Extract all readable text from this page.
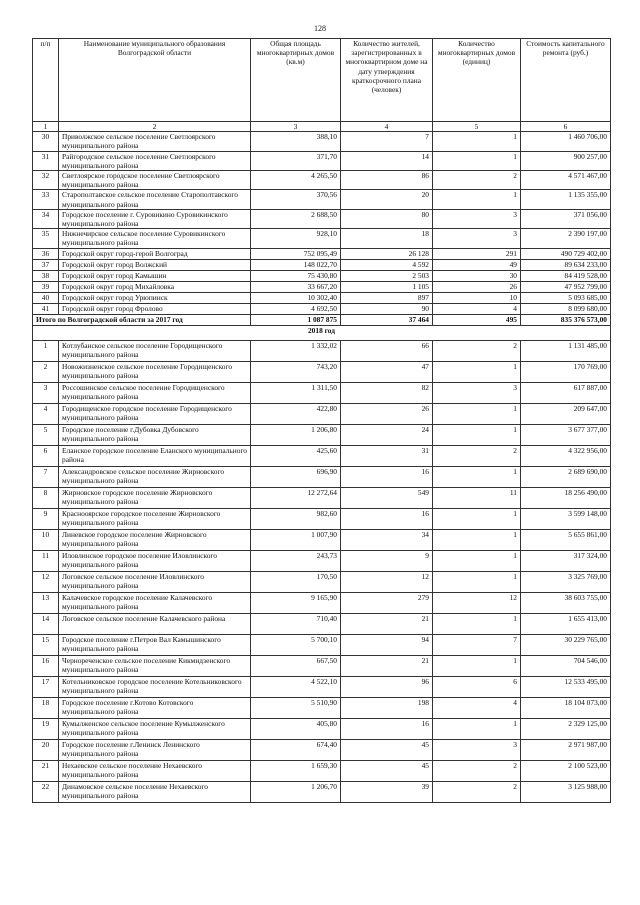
128
п/п	Наименование муниципального образования Волгоградской области	Общая площадь многоквартирных домов (кв.м)	Количество жителей, зарегистрированных в многоквартирном доме на дату утверждения краткосрочного плана (человек)	Количество многоквартирных домов (единиц)	Стоимость капитального ремонта (руб.)
1	2	3	4	5	6
30	Приволжское сельское поселение Светлоярского муниципального района	388,10	7	1	1 460 706,00
31	Райгородское сельское поселение Светлоярского муниципального района	371,70	14	1	900 257,00
32	Светлоярское городское поселение Светлоярского муниципального района	4 265,50	86	2	4 571 467,00
33	Старополтавское сельское поселение Старополтавского муниципального района	370,56	20	1	1 135 355,00
34	Городское поселение г. Суровикино Суровикинского муниципального района	2 688,50	80	3	371 056,00
35	Нижнечирское сельское поселение Суровикинского муниципального района	928,10	18	3	2 390 197,00
36	Городской округ город-герой Волгоград	752 095,49	26 128	291	490 729 402,00
37	Городской округ город Волжский	148 022,70	4 592	49	89 634 233,00
38	Городской округ город Камышин	75 430,80	2 503	30	84 419 528,00
39	Городской округ город Михайловка	33 667,20	1 105	26	47 952 799,00
40	Городской округ город Урюпинск	10 302,40	897	10	5 093 685,00
41	Городской округ город Фролово	4 692,50	90	4	8 099 680,00
Итого по Волгоградской области за 2017 год		1 087 875	37 464	495	835 376 573,00
2018 год					
1	Котлубанское сельское поселение Городищенского муниципального района	1 332,02	66	2	1 131 485,00
2	Новожизненское сельское поселение Городищенского муниципального района	743,20	47	1	170 769,00
3	Россошинское сельское поселение Городищенского муниципального района	1 311,50	82	3	617 887,00
4	Городищенское городское поселение Городищенского муниципального района	422,80	26	1	209 647,00
5	Городское поселение г.Дубовка Дубовского муниципального района	1 206,80	24	1	3 677 377,00
6	Еланское городское поселение Еланского муниципального района	425,60	31	2	4 322 956,00
7	Александровское сельское поселение Жирновского муниципального района	696,90	16	1	2 689 690,00
8	Жирновское городское поселение Жирновского муниципального района	12 272,64	549	11	18 256 490,00
9	Краснооярское городское поселение Жирновского муниципального района	982,60	16	1	3 599 148,00
10	Линевское городское поселение Жирновского муниципального района	1 007,90	34	1	5 655 861,00
11	Иловлинское городское поселение Иловлинского муниципального района	243,73	9	1	317 324,00
12	Логовское сельское поселение Иловлинского муниципального района	170,50	12	1	3 325 769,00
13	Калачевское городское поселение Калачевского муниципального района	9 165,90	279	12	38 603 755,00
14	Логовское сельское поселение Калачевского района	710,40	21	1	1 655 413,00
15	Городское поселение г.Петров Вал Камышинского муниципального района	5 700,10	94	7	30 229 765,00
16	Чернореченское сельское поселение Кикмидзенского муниципального района	667,50	21	1	704 546,00
17	Котельниковское городское поселение Котельниковского муниципального района	4 522,10	96	6	12 533 495,00
18	Городское поселение г.Котово Котовского муниципального района	5 510,90	198	4	18 104 073,00
19	Кумылженское сельское поселение Кумылженского муниципального района	405,80	16	1	2 329 125,00
20	Городское поселение г.Ленинск Ленинского муниципального района	674,40	45	3	2 971 987,00
21	Нехаевское сельское поселение Нехаевского муниципального района	1 659,30	45	2	2 100 523,00
22	Динамовское сельское поселение Нехаевского муниципального района	1 206,70	39	2	3 125 988,00
